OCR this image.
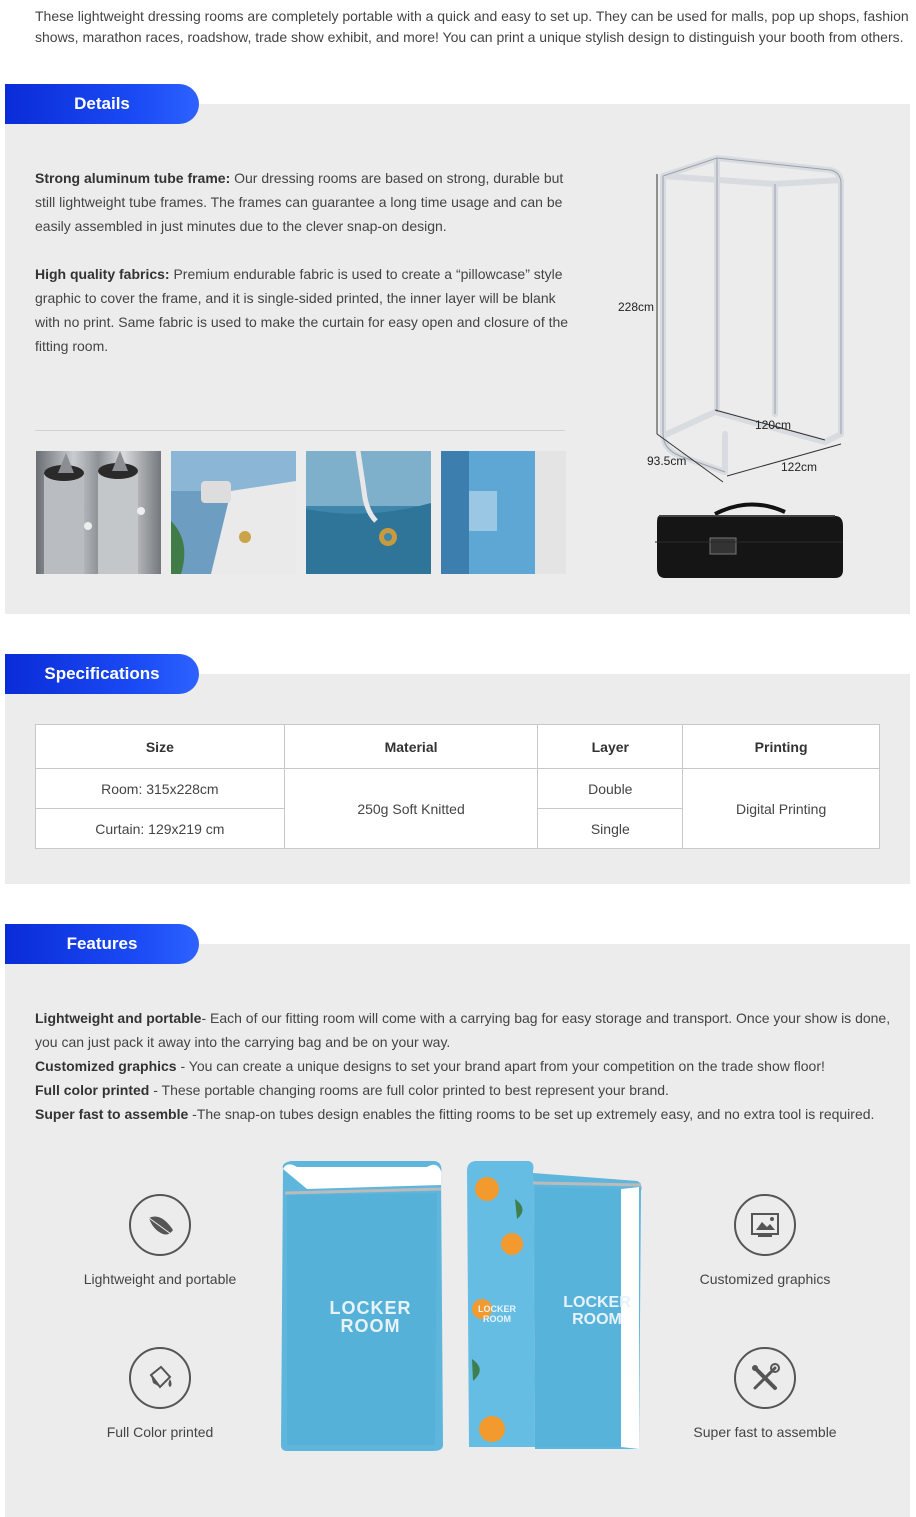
These lightweight dressing rooms are completely portable with a quick and easy to set up. They can be used for malls, pop up shops, fashion shows, marathon races, roadshow, trade show exhibit, and more! You can print a unique stylish design to distinguish your booth from others.
Details

Strong aluminum tube frame: Our dressing rooms are based on strong, durable but still lightweight tube frames. The frames can guarantee a long time usage and can be easily assembled in just minutes due to the clever snap-on design.

High quality fabrics: Premium endurable fabric is used to create a “pillowcase” style graphic to cover the frame, and it is single-sided printed, the inner layer will be blank with no print. Same fabric is used to make the curtain for easy open and closure of the fitting room.

228cm
120cm
93.5cm	122cm
Specifications
Size	Material	Layer	Printing
Room: 315x228cm	250g Soft Knitted	Double	Digital Printing
Curtain: 129x219 cm		Single	
Features
Lightweight and portable- Each of our fitting room will come with a carrying bag for easy storage and transport. Once your show is done, you can just pack it away into the carrying bag and be on your way.
Customized graphics - You can create a unique designs to set your brand apart from your competition on the trade show floor!
Full color printed - These portable changing rooms are full color printed to best represent your brand.
Super fast to assemble -The snap-on tubes design enables the fitting rooms to be set up extremely easy, and no extra tool is required.
Lightweight and portable	Customized graphics
Full Color printed	Super fast to assemble
LOCKER
ROOM
LOCKER
ROOM
LOCKER
ROOM
